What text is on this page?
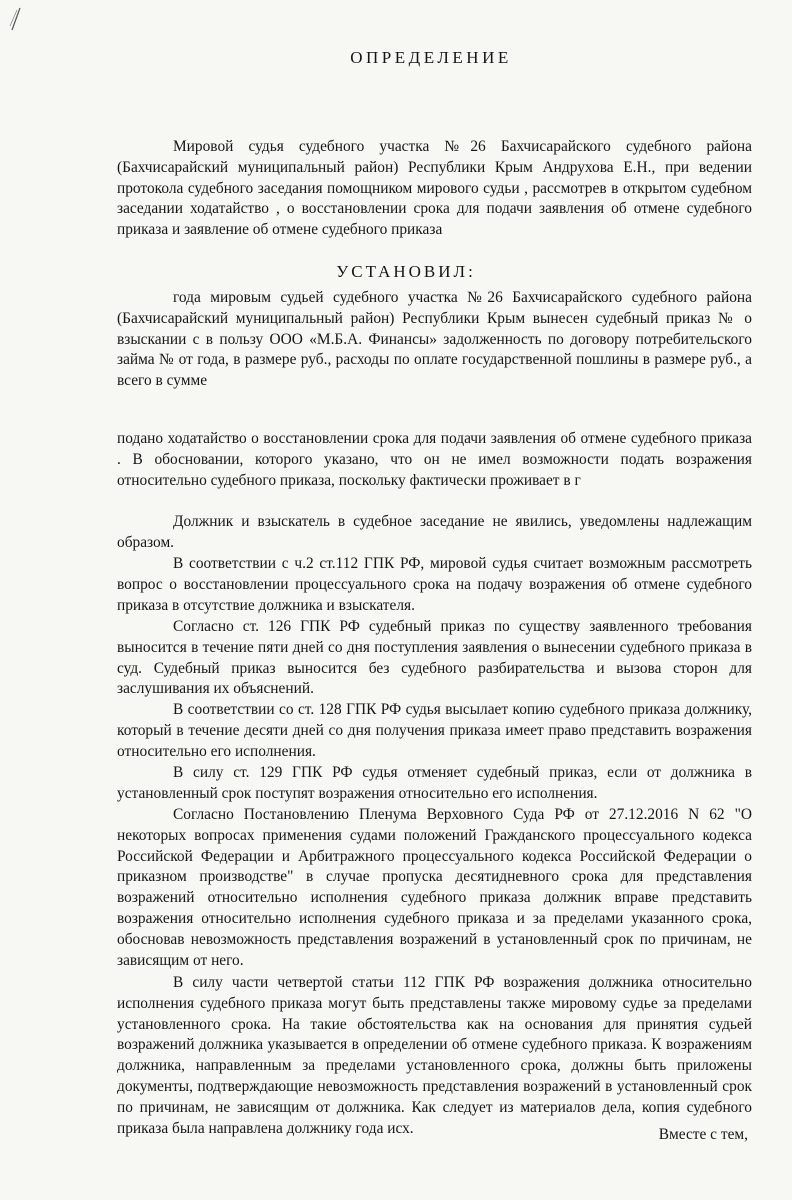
ОПРЕДЕЛЕНИЕ

Мировой судья судебного участка №26 Бахчисарайского судебного района (Бахчисарайский муниципальный район) Республики Крым Андрухова Е.Н., при ведении протокола судебного заседания помощником мирового судьи , рассмотрев в открытом судебном заседании ходатайство , о восстановлении срока для подачи заявления об отмене судебного приказа и заявление об отмене судебного приказа

УСТАНОВИЛ:

года мировым судьей судебного участка №26 Бахчисарайского судебного района (Бахчисарайский муниципальный район) Республики Крым вынесен судебный приказ № о взыскании с в пользу ООО «М.Б.А. Финансы» задолженность по договору потребительского займа № от года, в размере руб., расходы по оплате государственной пошлины в размере руб., а всего в сумме

подано ходатайство о восстановлении срока для подачи заявления об отмене судебного приказа . В обосновании, которого указано, что он не имел возможности подать возражения относительно судебного приказа, поскольку фактически проживает в г

Должник и взыскатель в судебное заседание не явились, уведомлены надлежащим образом.

В соответствии с ч.2 ст.112 ГПК РФ, мировой судья считает возможным рассмотреть вопрос о восстановлении процессуального срока на подачу возражения об отмене судебного приказа в отсутствие должника и взыскателя.

Согласно ст. 126 ГПК РФ судебный приказ по существу заявленного требования выносится в течение пяти дней со дня поступления заявления о вынесении судебного приказа в суд. Судебный приказ выносится без судебного разбирательства и вызова сторон для заслушивания их объяснений.

В соответствии со ст. 128 ГПК РФ судья высылает копию судебного приказа должнику, который в течение десяти дней со дня получения приказа имеет право представить возражения относительно его исполнения.

В силу ст. 129 ГПК РФ судья отменяет судебный приказ, если от должника в установленный срок поступят возражения относительно его исполнения.

Согласно Постановлению Пленума Верховного Суда РФ от 27.12.2016 N 62 "О некоторых вопросах применения судами положений Гражданского процессуального кодекса Российской Федерации и Арбитражного процессуального кодекса Российской Федерации о приказном производстве" в случае пропуска десятидневного срока для представления возражений относительно исполнения судебного приказа должник вправе представить возражения относительно исполнения судебного приказа и за пределами указанного срока, обосновав невозможность представления возражений в установленный срок по причинам, не зависящим от него.

В силу части четвертой статьи 112 ГПК РФ возражения должника относительно исполнения судебного приказа могут быть представлены также мировому судье за пределами установленного срока. На такие обстоятельства как на основания для принятия судьей возражений должника указывается в определении об отмене судебного приказа. К возражениям должника, направленным за пределами установленного срока, должны быть приложены документы, подтверждающие невозможность представления возражений в установленный срок по причинам, не зависящим от должника. Как следует из материалов дела, копия судебного приказа была направлена должнику года исх.	Вместе с тем,
